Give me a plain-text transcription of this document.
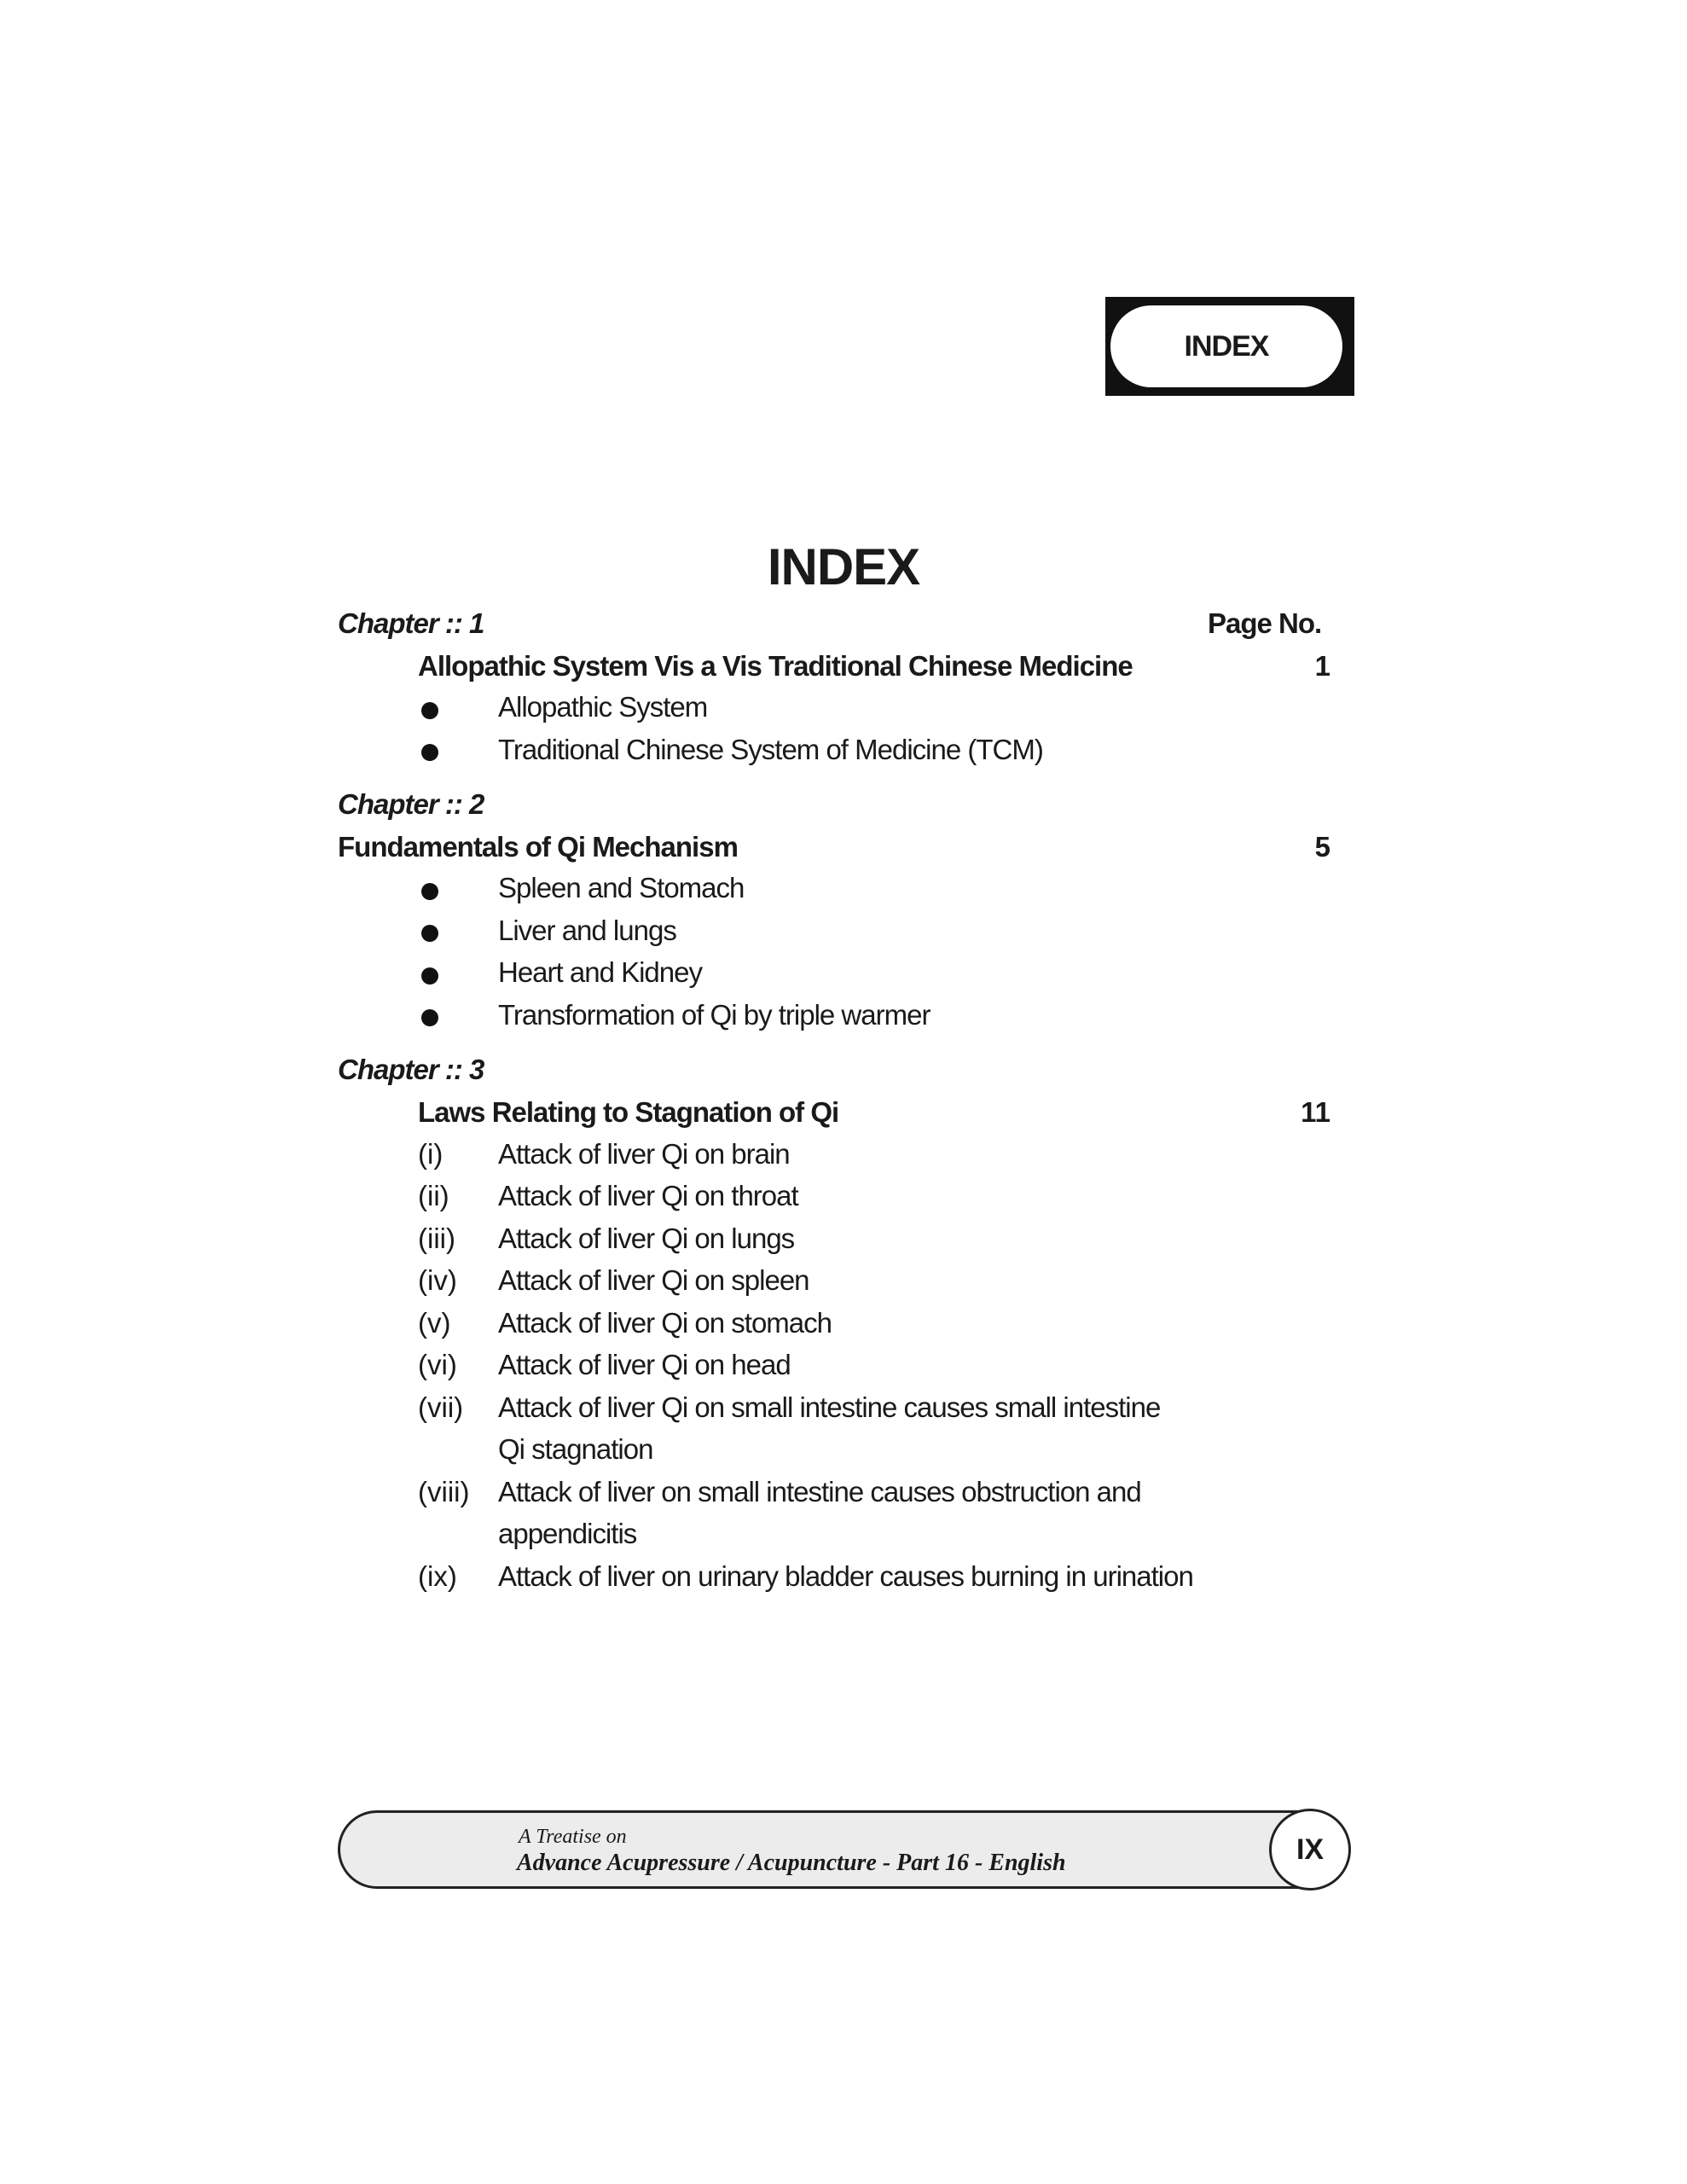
INDEX
INDEX
Chapter :: 1	Page No.
Allopathic System Vis a Vis Traditional Chinese Medicine	1
Allopathic System
Traditional Chinese System of Medicine (TCM)
Chapter :: 2
Fundamentals of Qi Mechanism	5
Spleen and Stomach
Liver and lungs
Heart and Kidney
Transformation of Qi by triple warmer
Chapter :: 3
Laws Relating to Stagnation of Qi	11
(i) Attack of liver Qi on brain
(ii) Attack of liver Qi on throat
(iii) Attack of liver Qi on lungs
(iv) Attack of liver Qi on spleen
(v) Attack of liver Qi on stomach
(vi) Attack of liver Qi on head
(vii) Attack of liver Qi on small intestine causes small intestine
Qi stagnation
(viii) Attack of liver on small intestine causes obstruction and
appendicitis
(ix) Attack of liver on urinary bladder causes burning in urination
A Treatise on
Advance Acupressure / Acupuncture - Part 16 - English	IX
